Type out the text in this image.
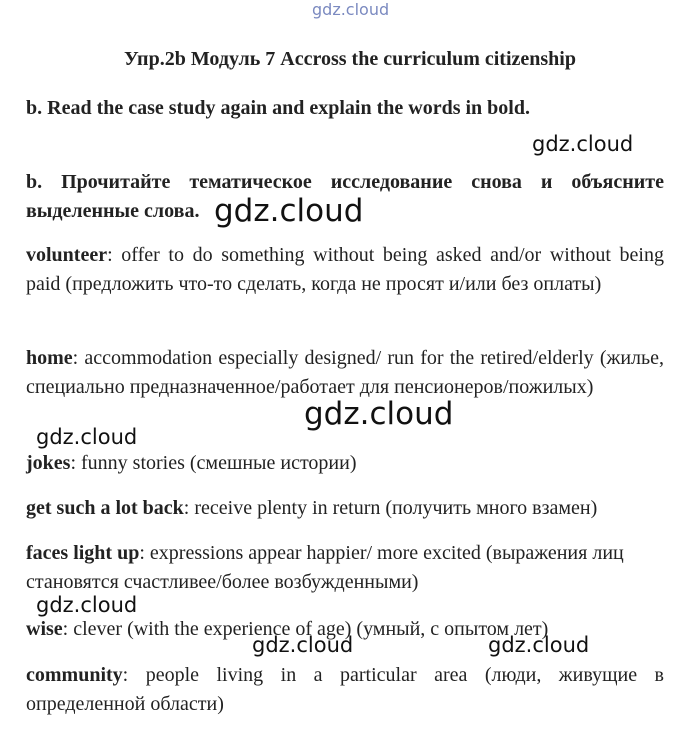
gdz.cloud
Упр.2b Модуль 7 Accross the curriculum citizenship

b. Read the case study again and explain the words in bold.

b. Прочитайте тематическое исследование снова и объясните выделенные слова.

volunteer: offer to do something without being asked and/or without being paid (предложить что-то сделать, когда не просят и/или без оплаты)

home: accommodation especially designed/ run for the retired/elderly (жилье, специально предназначенное/работает для пенсионеров/пожилых)

jokes: funny stories (смешные истории)

get such a lot back: receive plenty in return (получить много взамен)

faces light up: expressions appear happier/ more excited (выражения лиц становятся счастливее/более возбужденными)

wise: clever (with the experience of age) (умный, с опытом лет)

community: people living in a particular area (люди, живущие в определенной области)

gdz.cloud
gdz.cloud
gdz.cloud
gdz.cloud
gdz.cloud
gdz.cloud	gdz.cloud
